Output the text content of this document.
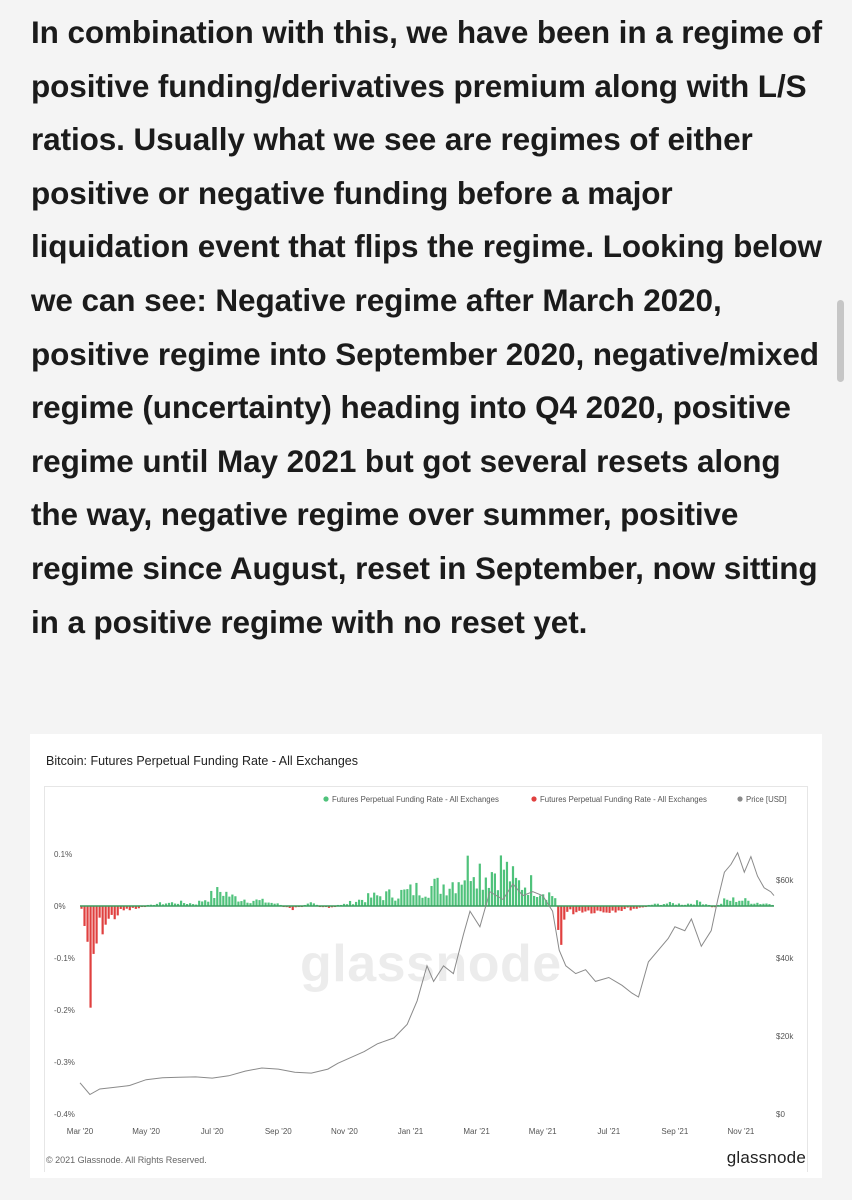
In combination with this, we have been in a regime of positive funding/derivatives premium along with L/S ratios. Usually what we see are regimes of either positive or negative funding before a major liquidation event that flips the regime. Looking below we can see: Negative regime after March 2020, positive regime into September 2020, negative/mixed regime (uncertainty) heading into Q4 2020, positive regime until May 2021 but got several resets along the way, negative regime over summer, positive regime since August, reset in September, now sitting in a positive regime with no reset yet.

Bitcoin: Futures Perpetual Funding Rate - All Exchanges
glassnode
Futures Perpetual Funding Rate - All Exchanges	Futures Perpetual Funding Rate - All Exchanges	Price [USD]
0.1%
0%
-0.1%
-0.2%
-0.3%
-0.4%
$60k
$40k
$20k
$0
Mar '20	May '20	Jul '20	Sep '20	Nov '20	Jan '21	Mar '21	May '21	Jul '21	Sep '21	Nov '21
© 2021 Glassnode. All Rights Reserved.	glassnode
